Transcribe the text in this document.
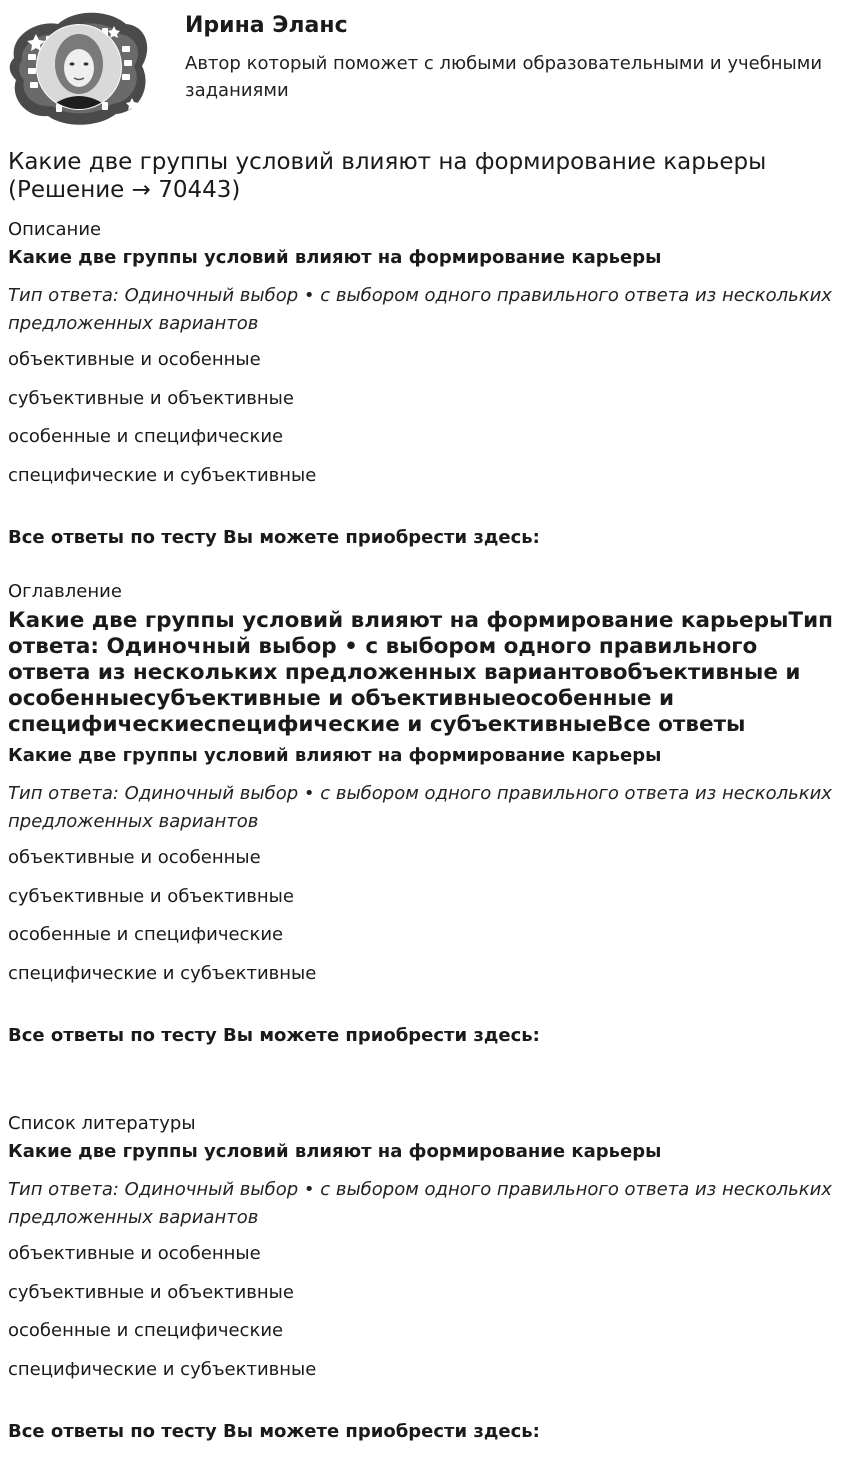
Ирина Эланс
Автор который поможет с любыми образовательными и учебными заданиями
Какие две группы условий влияют на формирование карьеры (Решение → 70443)
Описание
Какие две группы условий влияют на формирование карьеры
Тип ответа: Одиночный выбор • с выбором одного правильного ответа из нескольких предложенных вариантов
объективные и особенные
субъективные и объективные
особенные и специфические
специфические и субъективные
Все ответы по тесту Вы можете приобрести здесь:
Оглавление
Какие две группы условий влияют на формирование карьерыТип ответа: Одиночный выбор • с выбором одного правильного ответа из нескольких предложенных вариантовобъективные и особенныесубъективные и объективныеособенные и специфическиеспецифические и субъективныеВсе ответы
Какие две группы условий влияют на формирование карьеры
Тип ответа: Одиночный выбор • с выбором одного правильного ответа из нескольких предложенных вариантов
объективные и особенные
субъективные и объективные
особенные и специфические
специфические и субъективные
Все ответы по тесту Вы можете приобрести здесь:
Список литературы
Какие две группы условий влияют на формирование карьеры
Тип ответа: Одиночный выбор • с выбором одного правильного ответа из нескольких предложенных вариантов
объективные и особенные
субъективные и объективные
особенные и специфические
специфические и субъективные
Все ответы по тесту Вы можете приобрести здесь:
